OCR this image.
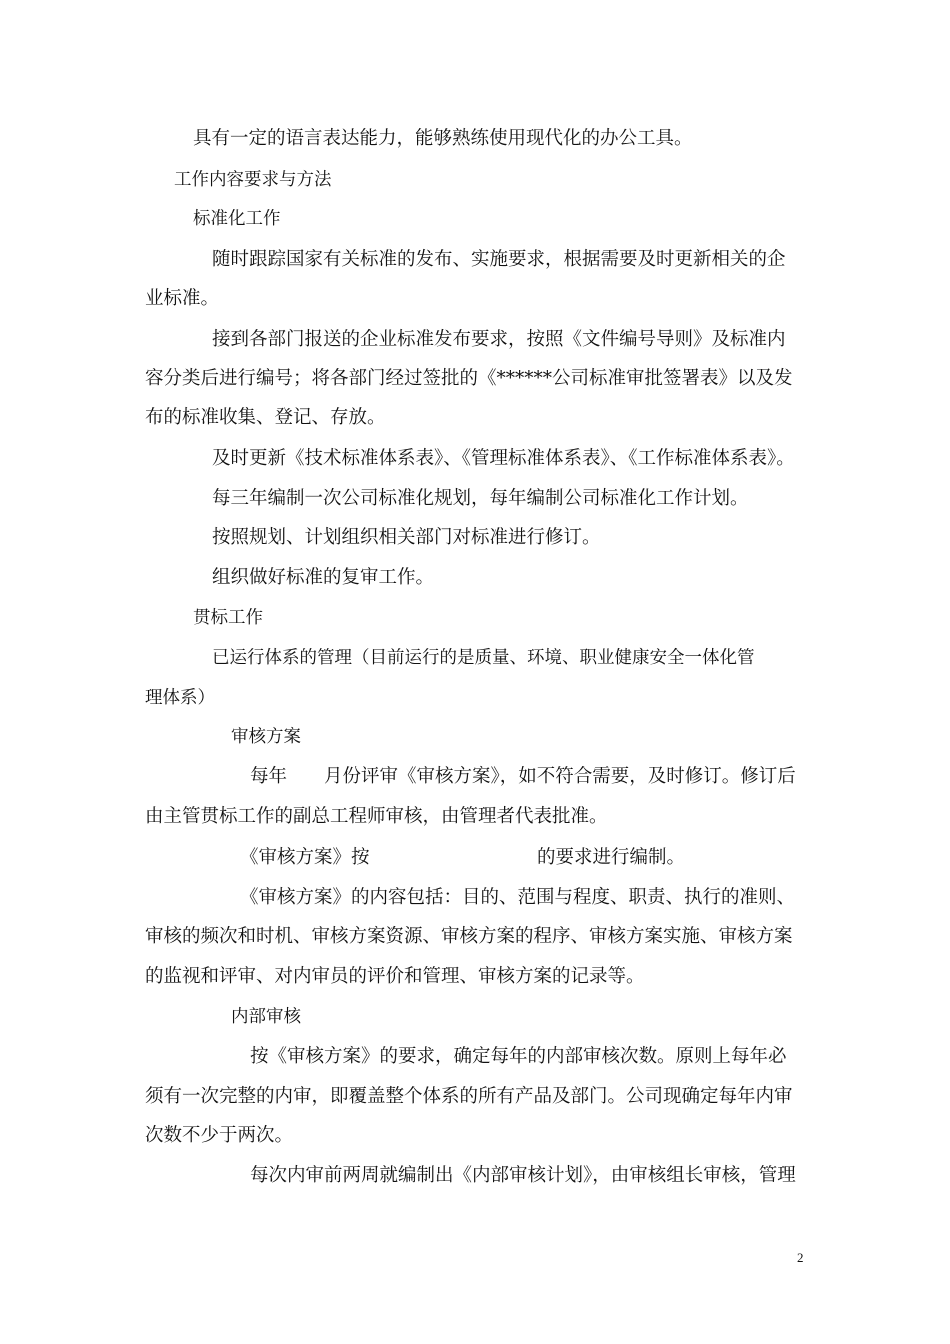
具有一定的语言表达能力，能够熟练使用现代化的办公工具。
工作内容要求与方法
标准化工作
随时跟踪国家有关标准的发布、实施要求，根据需要及时更新相关的企
业标准。
接到各部门报送的企业标准发布要求，按照《文件编号导则》及标准内
容分类后进行编号；将各部门经过签批的《******公司标准审批签署表》以及发
布的标准收集、登记、存放。
及时更新《技术标准体系表》、《管理标准体系表》、《工作标准体系表》。
每三年编制一次公司标准化规划，每年编制公司标准化工作计划。
按照规划、计划组织相关部门对标准进行修订。
组织做好标准的复审工作。
贯标工作
已运行体系的管理（目前运行的是质量、环境、职业健康安全一体化管
理体系）
审核方案
每年　　月份评审《审核方案》，如不符合需要，及时修订。修订后
由主管贯标工作的副总工程师审核，由管理者代表批准。
《审核方案》按	的要求进行编制。
《审核方案》的内容包括：目的、范围与程度、职责、执行的准则、
审核的频次和时机、审核方案资源、审核方案的程序、审核方案实施、审核方案
的监视和评审、对内审员的评价和管理、审核方案的记录等。
内部审核
按《审核方案》的要求，确定每年的内部审核次数。原则上每年必
须有一次完整的内审，即覆盖整个体系的所有产品及部门。公司现确定每年内审
次数不少于两次。
每次内审前两周就编制出《内部审核计划》，由审核组长审核，管理
2
